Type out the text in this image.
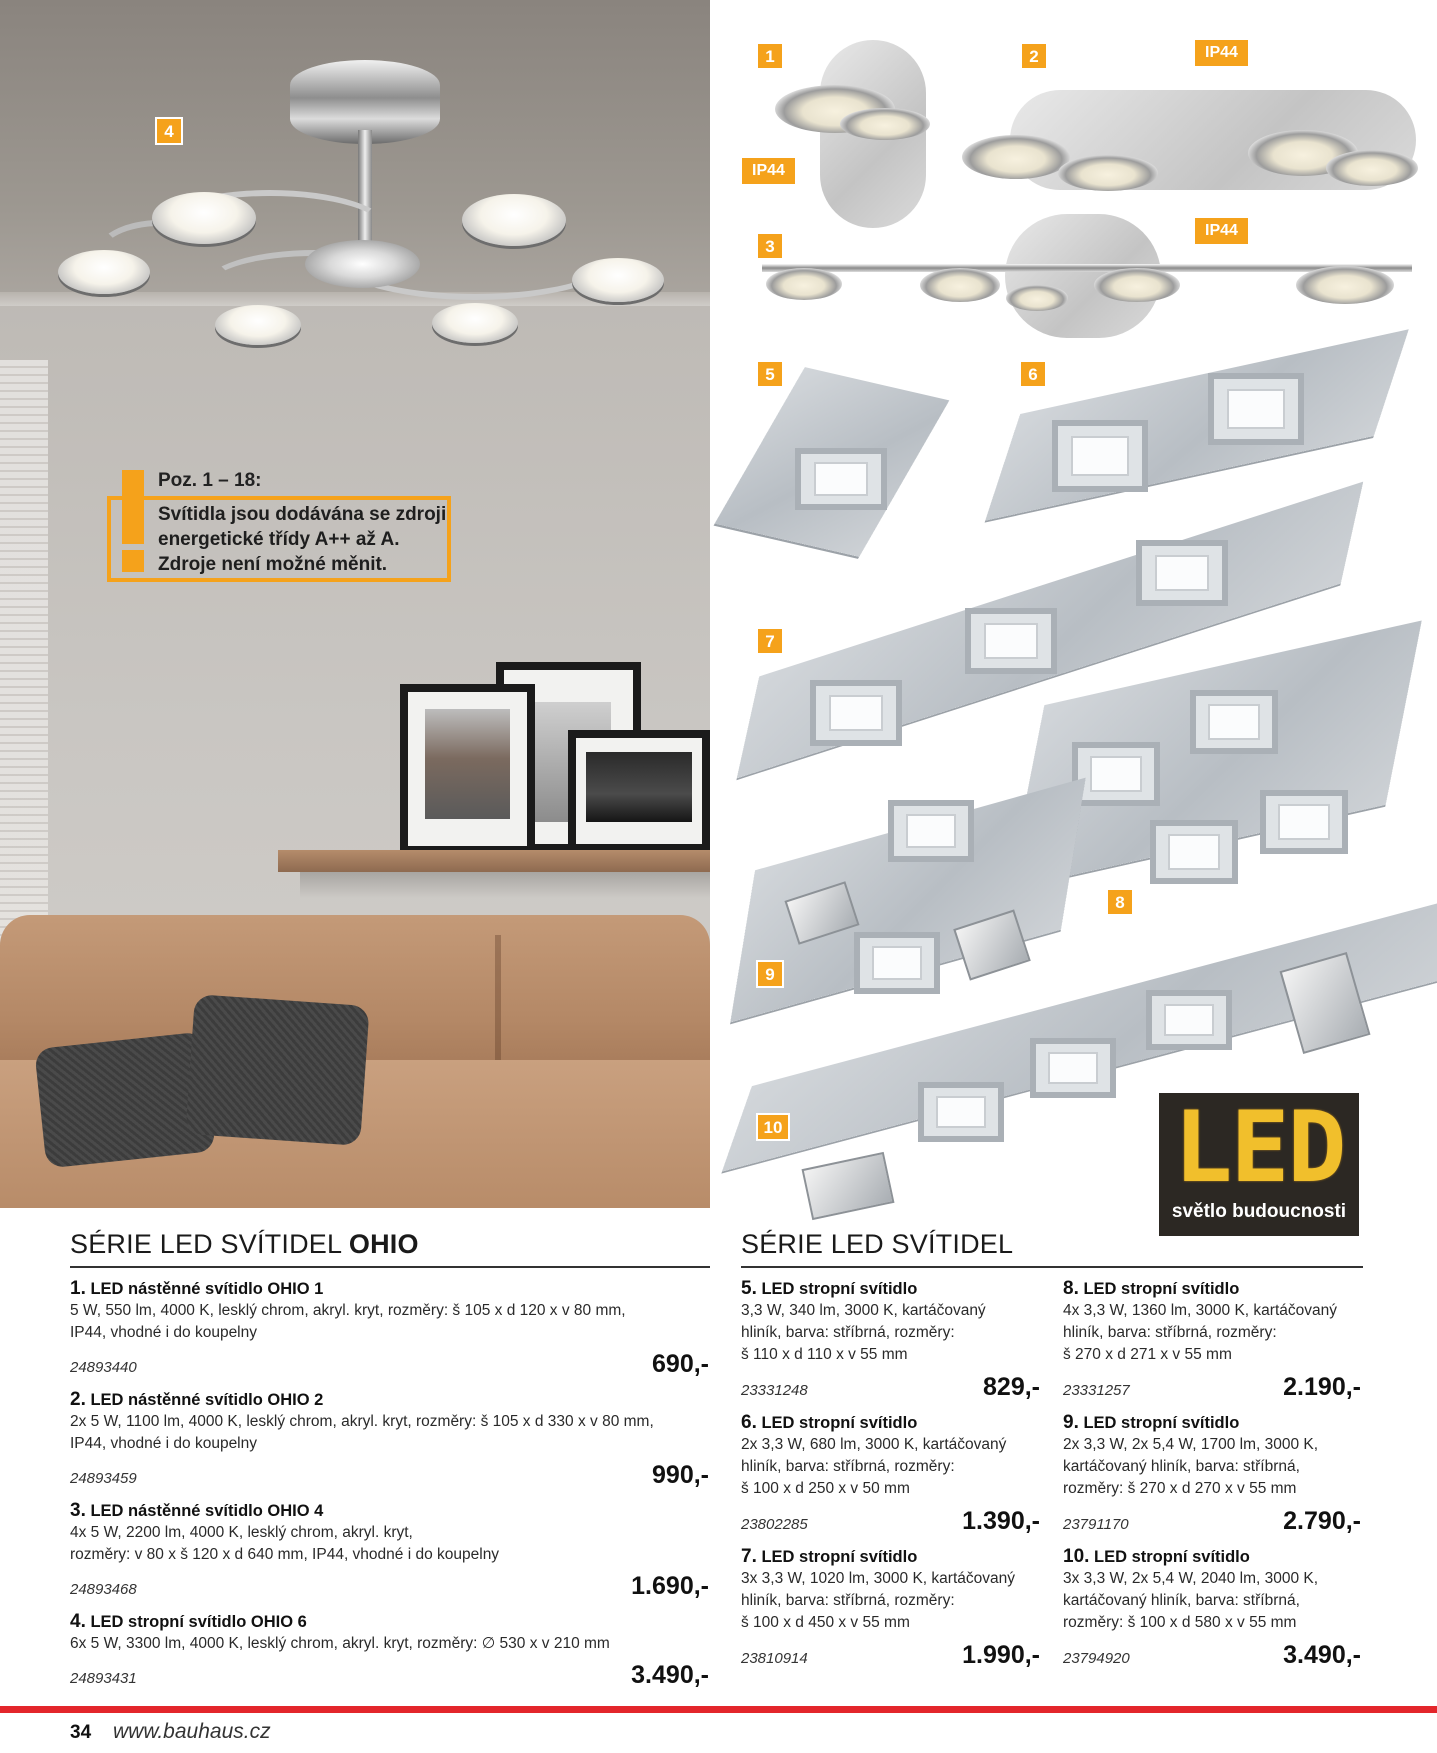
4
Poz. 1 – 18:
Svítidla jsou dodávána se zdroji
energetické třídy A++ až A.
Zdroje není možné měnit.
1
IP44
2	IP44
3
IP44
5	6
7
8
9
10	LED
světlo budoucnosti
SÉRIE LED SVÍTIDEL OHIO
1. LED nástěnné svítidlo OHIO 1
5 W, 550 lm, 4000 K, lesklý chrom, akryl. kryt, rozměry: š 105 x d 120 x v 80 mm,
IP44, vhodné i do koupelny
24893440	690,-
2. LED nástěnné svítidlo OHIO 2
2x 5 W, 1100 lm, 4000 K, lesklý chrom, akryl. kryt, rozměry: š 105 x d 330 x v 80 mm,
IP44, vhodné i do koupelny
24893459	990,-
3. LED nástěnné svítidlo OHIO 4
4x 5 W, 2200 lm, 4000 K, lesklý chrom, akryl. kryt,
rozměry: v 80 x š 120 x d 640 mm, IP44, vhodné i do koupelny
24893468	1.690,-
4. LED stropní svítidlo OHIO 6
6x 5 W, 3300 lm, 4000 K, lesklý chrom, akryl. kryt, rozměry: ∅ 530 x v 210 mm
24893431	3.490,-
SÉRIE LED SVÍTIDEL
5. LED stropní svítidlo
3,3 W, 340 lm, 3000 K, kartáčovaný
hliník, barva: stříbrná, rozměry:
š 110 x d 110 x v 55 mm
23331248	829,-
6. LED stropní svítidlo
2x 3,3 W, 680 lm, 3000 K, kartáčovaný
hliník, barva: stříbrná, rozměry:
š 100 x d 250 x v 50 mm
23802285	1.390,-
7. LED stropní svítidlo
3x 3,3 W, 1020 lm, 3000 K, kartáčovaný
hliník, barva: stříbrná, rozměry:
š 100 x d 450 x v 55 mm
23810914	1.990,-
8. LED stropní svítidlo
4x 3,3 W, 1360 lm, 3000 K, kartáčovaný
hliník, barva: stříbrná, rozměry:
š 270 x d 271 x v 55 mm
23331257	2.190,-
9. LED stropní svítidlo
2x 3,3 W, 2x 5,4 W, 1700 lm, 3000 K,
kartáčovaný hliník, barva: stříbrná,
rozměry: š 270 x d 270 x v 55 mm
23791170	2.790,-
10. LED stropní svítidlo
3x 3,3 W, 2x 5,4 W, 2040 lm, 3000 K,
kartáčovaný hliník, barva: stříbrná,
rozměry: š 100 x d 580 x v 55 mm
23794920	3.490,-
34 www.bauhaus.cz
